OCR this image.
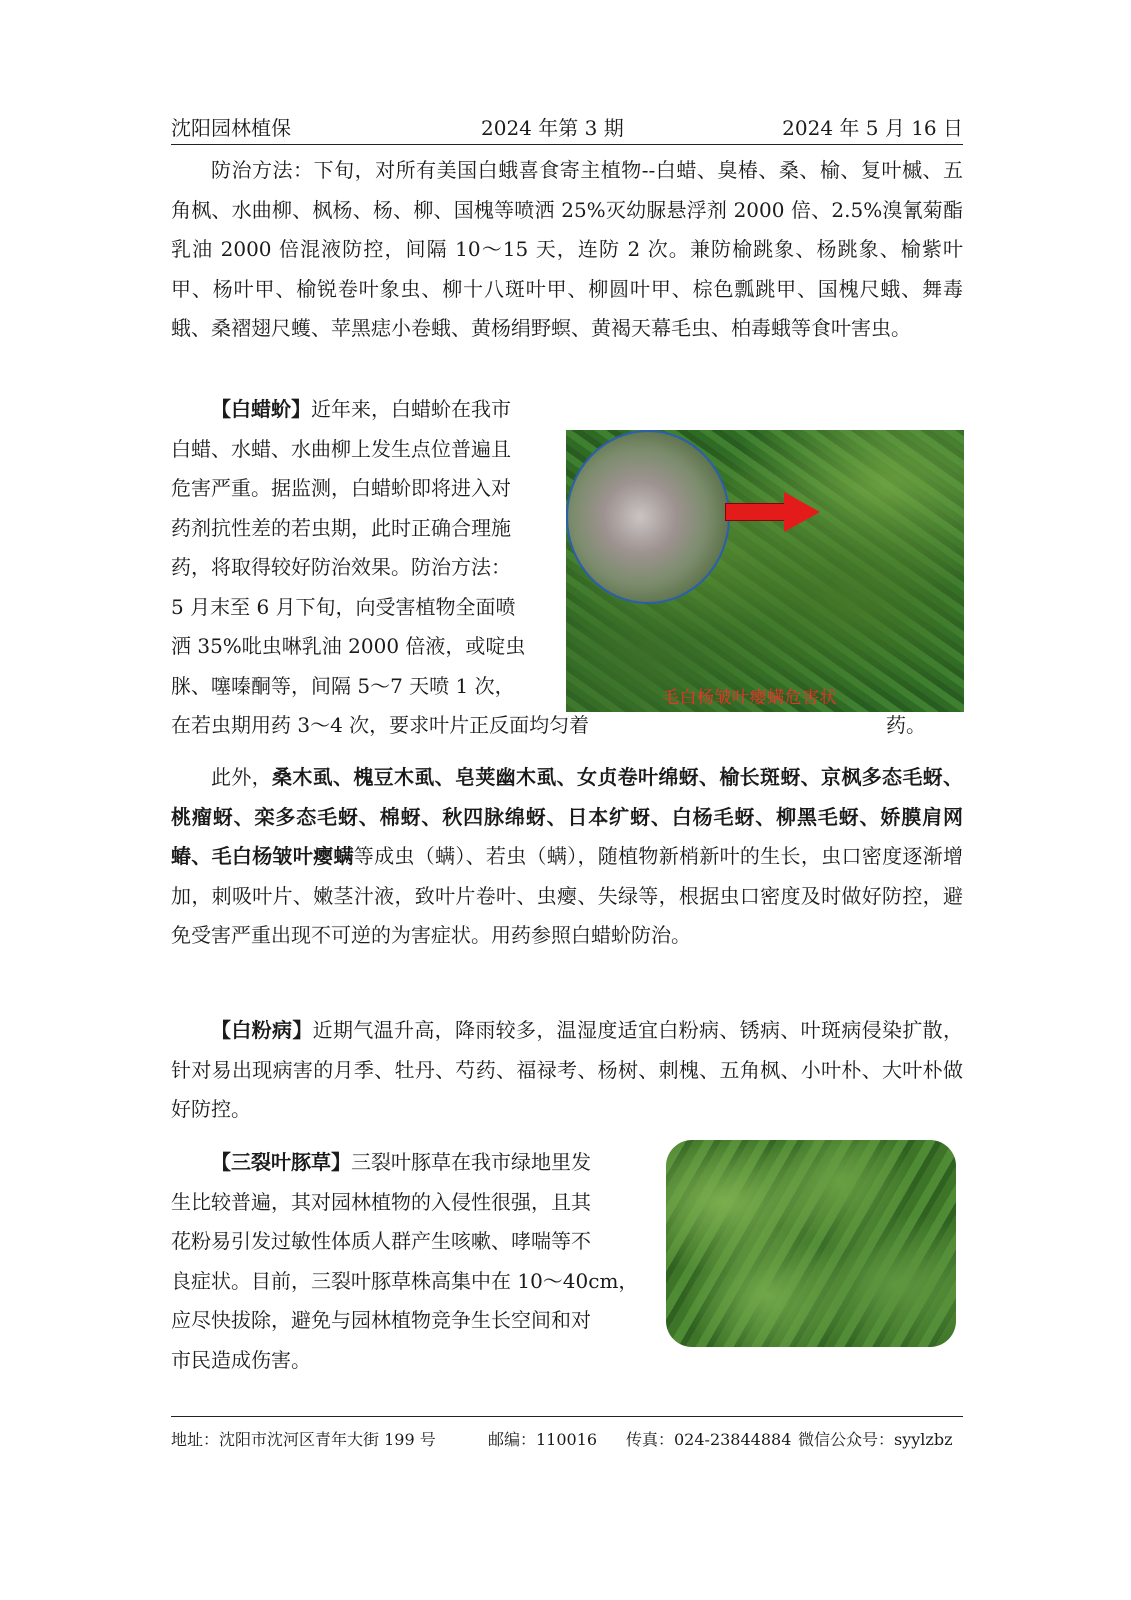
沈阳园林植保	2024 年第 3 期	2024 年 5 月 16 日

防治方法：下旬，对所有美国白蛾喜食寄主植物--白蜡、臭椿、桑、榆、复叶槭、五角枫、水曲柳、枫杨、杨、柳、国槐等喷洒 25%灭幼脲悬浮剂 2000 倍、2.5%溴氰菊酯乳油 2000 倍混液防控，间隔 10～15 天，连防 2 次。兼防榆跳象、杨跳象、榆紫叶甲、杨叶甲、榆锐卷叶象虫、柳十八斑叶甲、柳圆叶甲、棕色瓢跳甲、国槐尺蛾、舞毒蛾、桑褶翅尺蠖、苹黑痣小卷蛾、黄杨绢野螟、黄褐天幕毛虫、柏毒蛾等食叶害虫。

【白蜡蚧】近年来，白蜡蚧在我市
白蜡、水蜡、水曲柳上发生点位普遍且
危害严重。据监测，白蜡蚧即将进入对
药剂抗性差的若虫期，此时正确合理施
药，将取得较好防治效果。防治方法：
5 月末至 6 月下旬，向受害植物全面喷
洒 35%吡虫啉乳油 2000 倍液，或啶虫
脒、噻嗪酮等，间隔 5～7 天喷 1 次，
在若虫期用药 3～4 次，要求叶片正反面均匀着	药。
毛白杨皱叶瘿螨危害状

此外，桑木虱、槐豆木虱、皂荚幽木虱、女贞卷叶绵蚜、榆长斑蚜、京枫多态毛蚜、桃瘤蚜、栾多态毛蚜、棉蚜、秋四脉绵蚜、日本纩蚜、白杨毛蚜、柳黑毛蚜、娇膜肩网蝽、毛白杨皱叶瘿螨等成虫（螨）、若虫（螨），随植物新梢新叶的生长，虫口密度逐渐增加，刺吸叶片、嫩茎汁液，致叶片卷叶、虫瘿、失绿等，根据虫口密度及时做好防控，避免受害严重出现不可逆的为害症状。用药参照白蜡蚧防治。

【白粉病】近期气温升高，降雨较多，温湿度适宜白粉病、锈病、叶斑病侵染扩散，针对易出现病害的月季、牡丹、芍药、福禄考、杨树、刺槐、五角枫、小叶朴、大叶朴做好防控。

【三裂叶豚草】三裂叶豚草在我市绿地里发
生比较普遍，其对园林植物的入侵性很强，且其
花粉易引发过敏性体质人群产生咳嗽、哮喘等不
良症状。目前，三裂叶豚草株高集中在 10～40cm，
应尽快拔除，避免与园林植物竞争生长空间和对
市民造成伤害。
地址：沈阳市沈河区青年大街 199 号	邮编：110016 传真：024-23844884 微信公众号：syylzbz
